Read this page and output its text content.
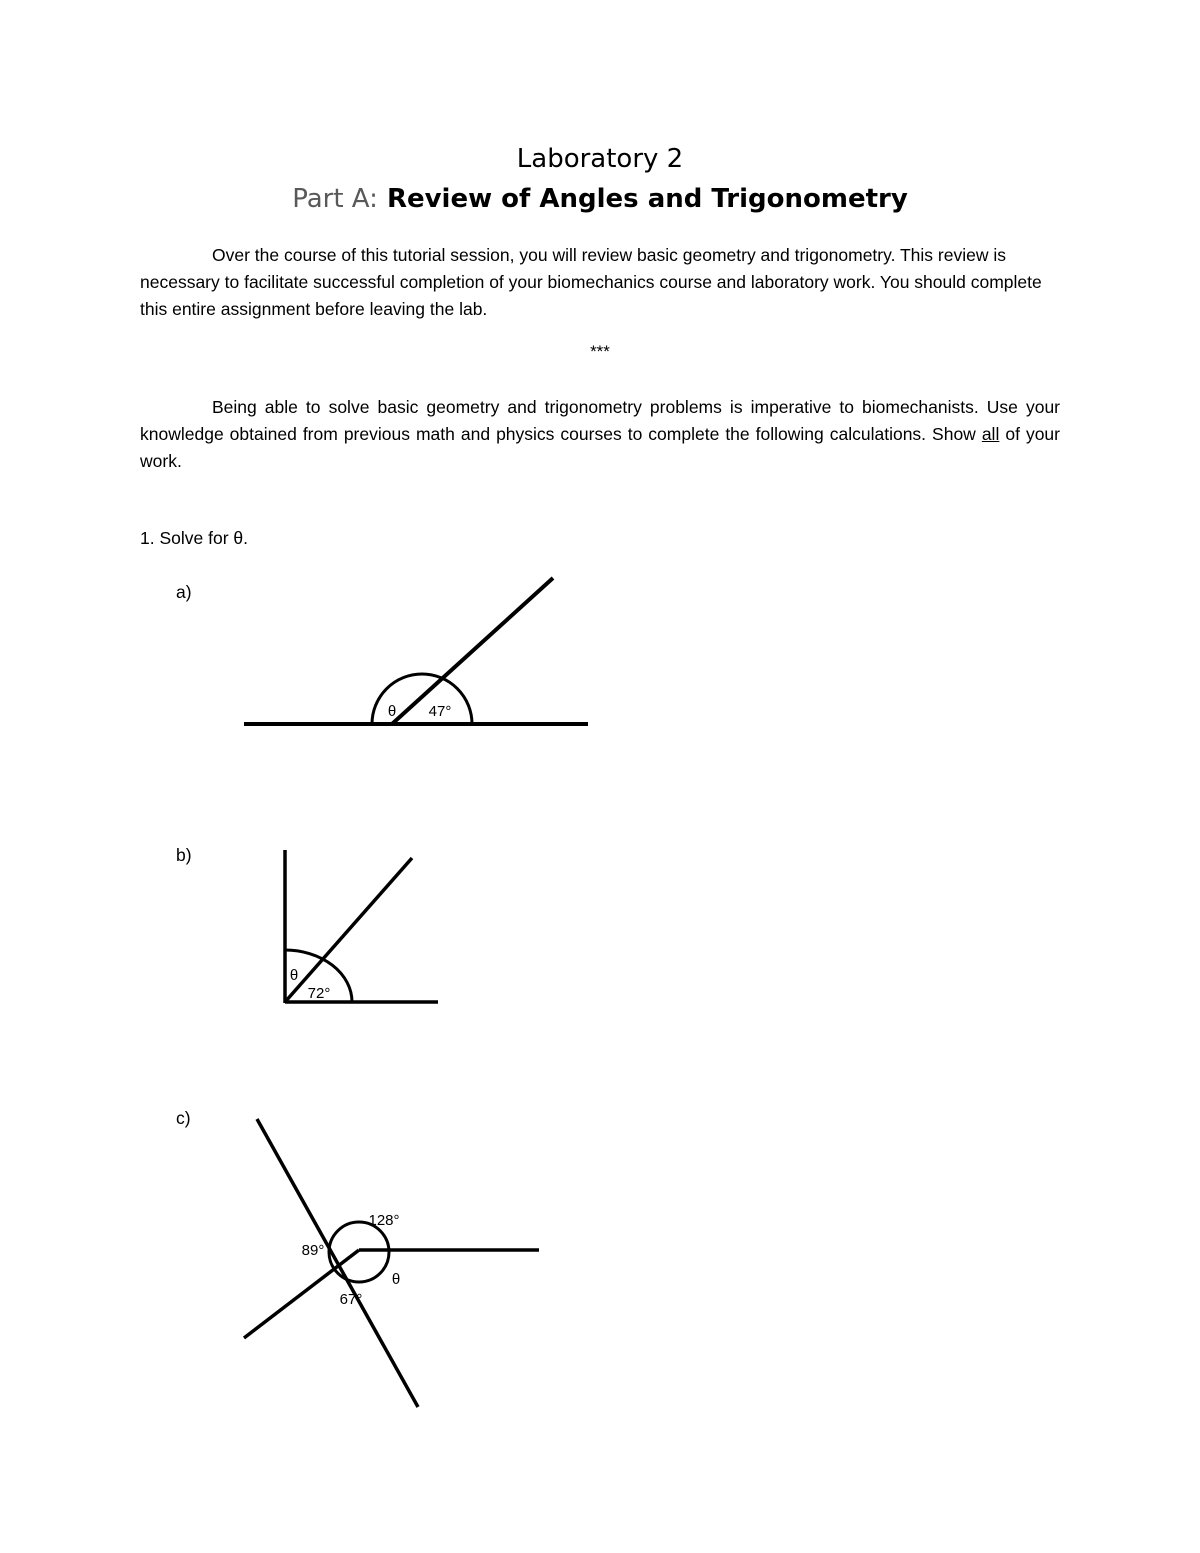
Laboratory 2
Part A: Review of Angles and Trigonometry
Over the course of this tutorial session, you will review basic geometry and trigonometry. This review is necessary to facilitate successful completion of your biomechanics course and laboratory work. You should complete this entire assignment before leaving the lab.
***
Being able to solve basic geometry and trigonometry problems is imperative to biomechanists. Use your knowledge obtained from previous math and physics courses to complete the following calculations. Show all of your work.
1. Solve for θ.
a)
b)
c)
θ 47°
θ
72°
128°
89°
67°
θ
